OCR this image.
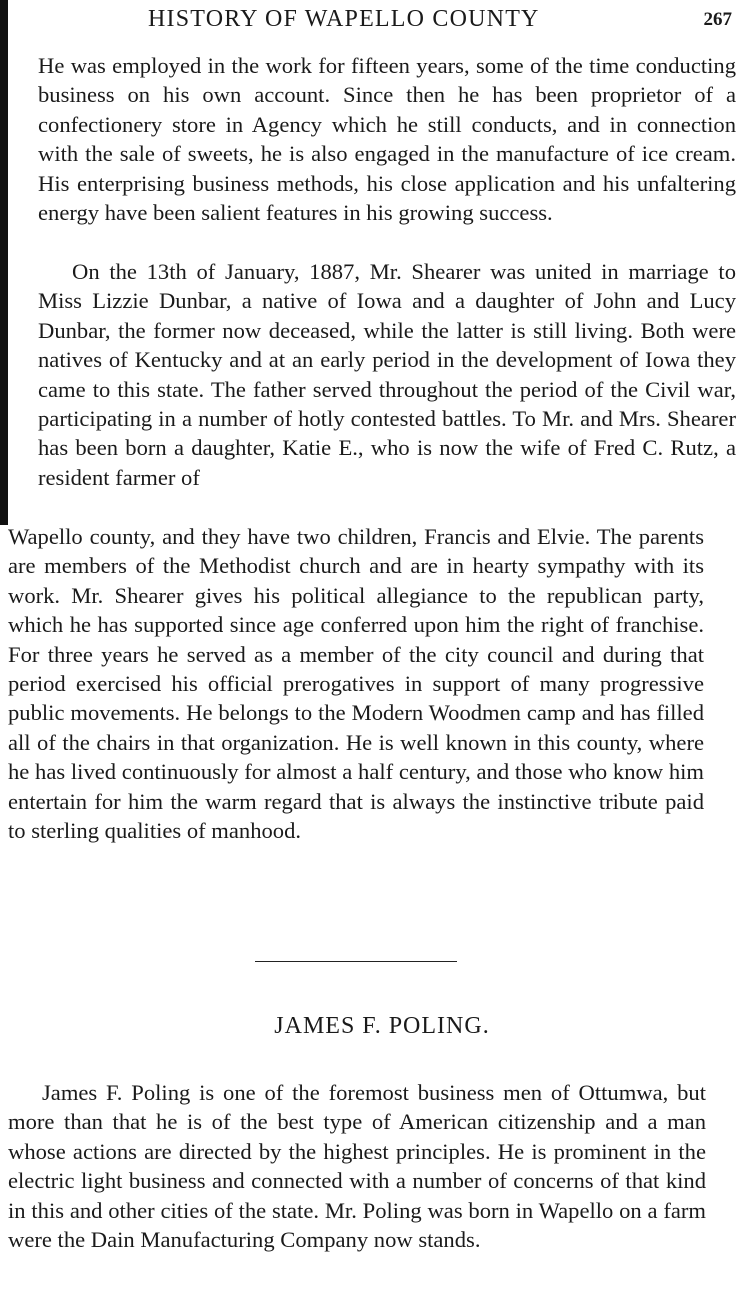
HISTORY OF WAPELLO COUNTY	267

He was employed in the work for fifteen years, some of the time conducting business on his own account. Since then he has been proprietor of a confectionery store in Agency which he still conducts, and in connection with the sale of sweets, he is also engaged in the manufacture of ice cream. His enterprising business methods, his close application and his unfaltering energy have been salient features in his growing success.

On the 13th of January, 1887, Mr. Shearer was united in marriage to Miss Lizzie Dunbar, a native of Iowa and a daughter of John and Lucy Dunbar, the former now deceased, while the latter is still living. Both were natives of Kentucky and at an early period in the development of Iowa they came to this state. The father served throughout the period of the Civil war, participating in a number of hotly contested battles. To Mr. and Mrs. Shearer has been born a daughter, Katie E., who is now the wife of Fred C. Rutz, a resident farmer of

Wapello county, and they have two children, Francis and Elvie. The parents are members of the Methodist church and are in hearty sympathy with its work. Mr. Shearer gives his political allegiance to the republican party, which he has supported since age conferred upon him the right of franchise. For three years he served as a member of the city council and during that period exercised his official prerogatives in support of many progressive public movements. He belongs to the Modern Woodmen camp and has filled all of the chairs in that organization. He is well known in this county, where he has lived continuously for almost a half century, and those who know him entertain for him the warm regard that is always the instinctive tribute paid to sterling qualities of manhood.

JAMES F. POLING.

James F. Poling is one of the foremost business men of Ottumwa, but more than that he is of the best type of American citizenship and a man whose actions are directed by the highest principles. He is prominent in the electric light business and connected with a number of concerns of that kind in this and other cities of the state. Mr. Poling was born in Wapello on a farm were the Dain Manufacturing Company now stands.
